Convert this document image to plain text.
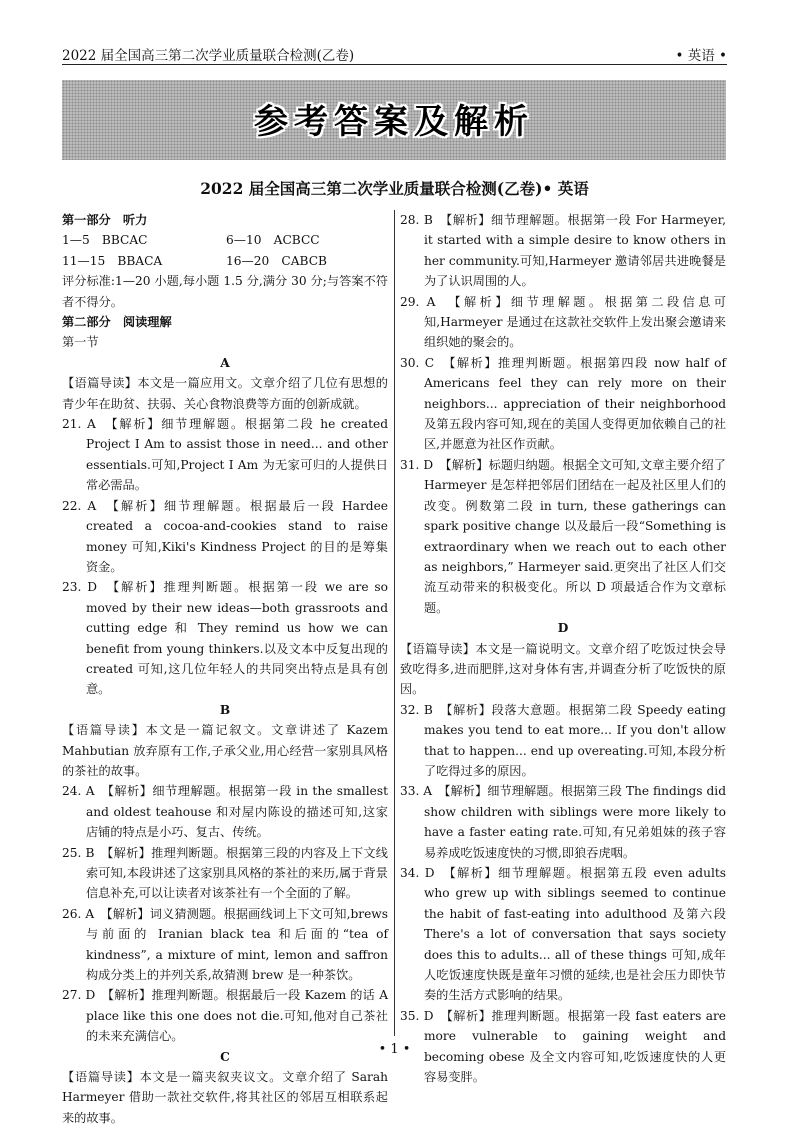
2022 届全国高三第二次学业质量联合检测(乙卷)	• 英语 •
参考答案及解析
2022 届全国高三第二次学业质量联合检测(乙卷)• 英语

第一部分　听力

1—5　BBCAC	6—10　ACBCC
11—15　BBACA	16—20　CABCB

评分标准:1—20 小题,每小题 1.5 分,满分 30 分;与答案不符者不得分。

第二部分　阅读理解

第一节

A

【语篇导读】本文是一篇应用文。文章介绍了几位有思想的青少年在助贫、扶弱、关心食物浪费等方面的创新成就。

21. A　【解析】细节理解题。根据第二段 he created Project I Am to assist those in need... and other essentials.可知,Project I Am 为无家可归的人提供日常必需品。

22. A　【解析】细节理解题。根据最后一段 Hardee created a cocoa-and-cookies stand to raise money 可知,Kiki's Kindness Project 的目的是筹集资金。

23. D　【解析】推理判断题。根据第一段 we are so moved by their new ideas—both grassroots and cutting edge 和 They remind us how we can benefit from young thinkers.以及文本中反复出现的 created 可知,这几位年轻人的共同突出特点是具有创意。

B

【语篇导读】本文是一篇记叙文。文章讲述了 Kazem Mahbutian 放弃原有工作,子承父业,用心经营一家别具风格的茶社的故事。

24. A　【解析】细节理解题。根据第一段 in the smallest and oldest teahouse 和对屋内陈设的描述可知,这家店铺的特点是小巧、复古、传统。

25. B　【解析】推理判断题。根据第三段的内容及上下文线索可知,本段讲述了这家别具风格的茶社的来历,属于背景信息补充,可以让读者对该茶社有一个全面的了解。

26. A　【解析】词义猜测题。根据画线词上下文可知,brews 与前面的 Iranian black tea 和后面的“tea of kindness”, a mixture of mint, lemon and saffron 构成分类上的并列关系,故猜测 brew 是一种茶饮。

27. D　【解析】推理判断题。根据最后一段 Kazem 的话 A place like this one does not die.可知,他对自己茶社的未来充满信心。

C

【语篇导读】本文是一篇夹叙夹议文。文章介绍了 Sarah Harmeyer 借助一款社交软件,将其社区的邻居互相联系起来的故事。

28. B　【解析】细节理解题。根据第一段 For Harmeyer, it started with a simple desire to know others in her community.可知,Harmeyer 邀请邻居共进晚餐是为了认识周围的人。

29. A　【解析】细节理解题。根据第二段信息可知,Harmeyer 是通过在这款社交软件上发出聚会邀请来组织她的聚会的。

30. C　【解析】推理判断题。根据第四段 now half of Americans feel they can rely more on their neighbors... appreciation of their neighborhood 及第五段内容可知,现在的美国人变得更加依赖自己的社区,并愿意为社区作贡献。

31. D　【解析】标题归纳题。根据全文可知,文章主要介绍了 Harmeyer 是怎样把邻居们团结在一起及社区里人们的改变。例数第二段 in turn, these gatherings can spark positive change 以及最后一段“Something is extraordinary when we reach out to each other as neighbors,” Harmeyer said.更突出了社区人们交流互动带来的积极变化。所以 D 项最适合作为文章标题。

D

【语篇导读】本文是一篇说明文。文章介绍了吃饭过快会导致吃得多,进而肥胖,这对身体有害,并调查分析了吃饭快的原因。

32. B　【解析】段落大意题。根据第二段 Speedy eating makes you tend to eat more... If you don't allow that to happen... end up overeating.可知,本段分析了吃得过多的原因。

33. A　【解析】细节理解题。根据第三段 The findings did show children with siblings were more likely to have a faster eating rate.可知,有兄弟姐妹的孩子容易养成吃饭速度快的习惯,即狼吞虎咽。

34. D　【解析】细节理解题。根据第五段 even adults who grew up with siblings seemed to continue the habit of fast-eating into adulthood 及第六段 There's a lot of conversation that says society does this to adults... all of these things 可知,成年人吃饭速度快既是童年习惯的延续,也是社会压力即快节奏的生活方式影响的结果。

35. D　【解析】推理判断题。根据第一段 fast eaters are more vulnerable to gaining weight and becoming obese 及全文内容可知,吃饭速度快的人更容易变胖。

• 1 •
